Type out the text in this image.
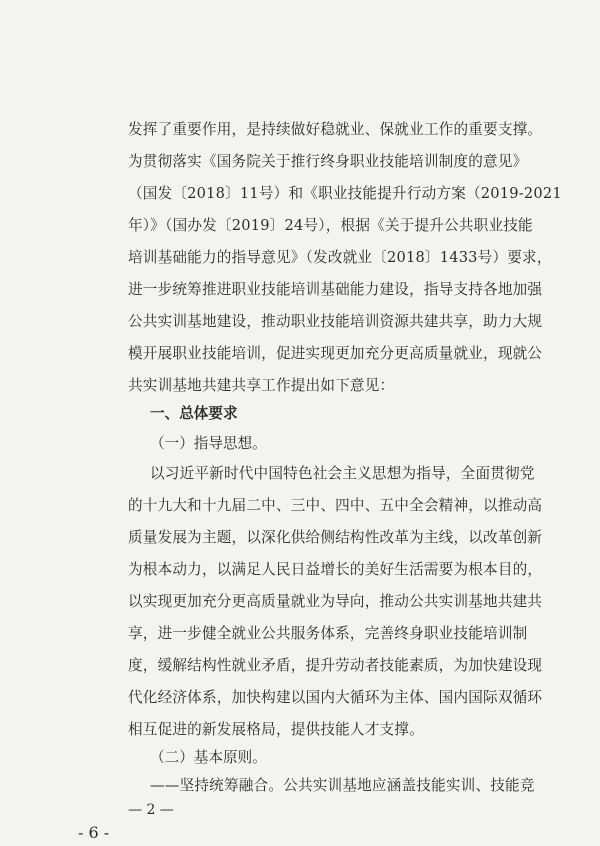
发挥了重要作用，是持续做好稳就业、保就业工作的重要支撑。
为贯彻落实《国务院关于推行终身职业技能培训制度的意见》
（国发〔2018〕11号）和《职业技能提升行动方案（2019-2021
年）》（国办发〔2019〕24号），根据《关于提升公共职业技能
培训基础能力的指导意见》（发改就业〔2018〕1433号）要求，
进一步统筹推进职业技能培训基础能力建设，指导支持各地加强
公共实训基地建设，推动职业技能培训资源共建共享，助力大规
模开展职业技能培训，促进实现更加充分更高质量就业，现就公
共实训基地共建共享工作提出如下意见：
一、总体要求
（一）指导思想。
以习近平新时代中国特色社会主义思想为指导，全面贯彻党
的十九大和十九届二中、三中、四中、五中全会精神，以推动高
质量发展为主题，以深化供给侧结构性改革为主线，以改革创新
为根本动力，以满足人民日益增长的美好生活需要为根本目的，
以实现更加充分更高质量就业为导向，推动公共实训基地共建共
享，进一步健全就业公共服务体系，完善终身职业技能培训制
度，缓解结构性就业矛盾，提升劳动者技能素质，为加快建设现
代化经济体系，加快构建以国内大循环为主体、国内国际双循环
相互促进的新发展格局，提供技能人才支撑。
（二）基本原则。
——坚持统筹融合。公共实训基地应涵盖技能实训、技能竞
— 2 —
- 6 -
